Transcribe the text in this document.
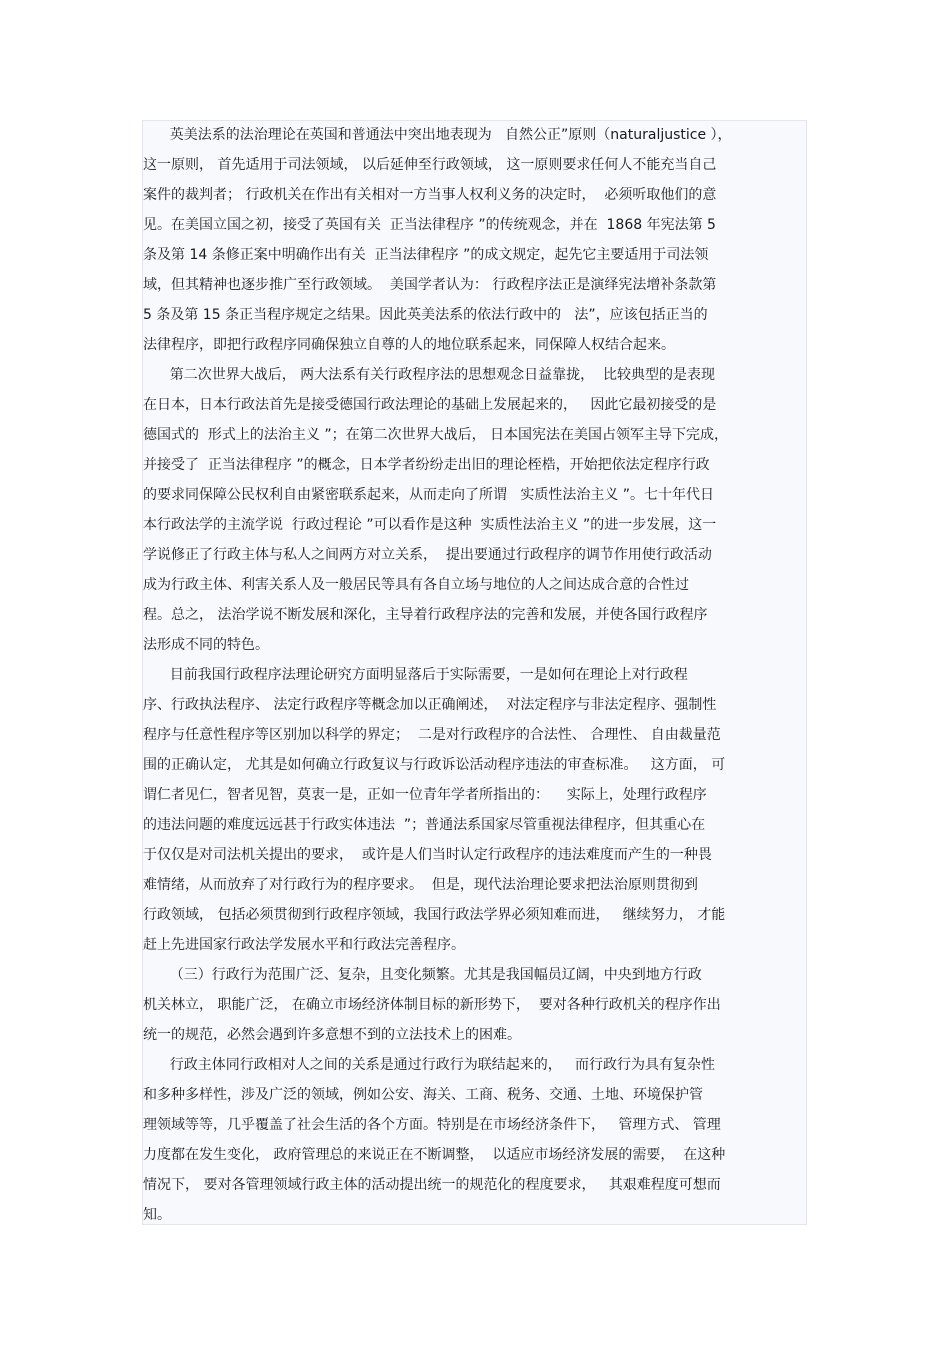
英美法系的法治理论在英国和普通法中突出地表现为   自然公正”原则（naturaljustice ），
这一原则， 首先适用于司法领域， 以后延伸至行政领域， 这一原则要求任何人不能充当自己
案件的裁判者； 行政机关在作出有关相对一方当事人权利义务的决定时，  必须听取他们的意
见。在美国立国之初，接受了英国有关  正当法律程序 ”的传统观念，并在  1868 年宪法第 5
条及第 14 条修正案中明确作出有关  正当法律程序 ”的成文规定，起先它主要适用于司法领
域，但其精神也逐步推广至行政领域。  美国学者认为： 行政程序法正是演绎宪法增补条款第
5 条及第 15 条正当程序规定之结果。因此英美法系的依法行政中的   法”，应该包括正当的
法律程序，即把行政程序同确保独立自尊的人的地位联系起来，同保障人权结合起来。
第二次世界大战后， 两大法系有关行政程序法的思想观念日益靠拢，  比较典型的是表现
在日本，日本行政法首先是接受德国行政法理论的基础上发展起来的，   因此它最初接受的是
德国式的  形式上的法治主义 ”；在第二次世界大战后， 日本国宪法在美国占领军主导下完成，
并接受了  正当法律程序 ”的概念，日本学者纷纷走出旧的理论桎梏，开始把依法定程序行政
的要求同保障公民权利自由紧密联系起来，从而走向了所谓   实质性法治主义 ”。七十年代日
本行政法学的主流学说  行政过程论 ”可以看作是这种  实质性法治主义 ”的进一步发展，这一
学说修正了行政主体与私人之间两方对立关系，  提出要通过行政程序的调节作用使行政活动
成为行政主体、利害关系人及一般居民等具有各自立场与地位的人之间达成合意的合性过
程。总之， 法治学说不断发展和深化，主导着行政程序法的完善和发展，并使各国行政程序
法形成不同的特色。
目前我国行政程序法理论研究方面明显落后于实际需要，一是如何在理论上对行政程
序、行政执法程序、 法定行政程序等概念加以正确阐述，  对法定程序与非法定程序、强制性
程序与任意性程序等区别加以科学的界定；  二是对行政程序的合法性、 合理性、 自由裁量范
围的正确认定， 尤其是如何确立行政复议与行政诉讼活动程序违法的审查标准。   这方面， 可
谓仁者见仁，智者见智，莫衷一是，正如一位青年学者所指出的：    实际上，处理行政程序
的违法问题的难度远远甚于行政实体违法  ”；普通法系国家尽管重视法律程序，但其重心在
于仅仅是对司法机关提出的要求，  或许是人们当时认定行政程序的违法难度而产生的一种畏
难情绪，从而放弃了对行政行为的程序要求。  但是，现代法治理论要求把法治原则贯彻到
行政领域， 包括必须贯彻到行政程序领域，我国行政法学界必须知难而进，   继续努力， 才能
赶上先进国家行政法学发展水平和行政法完善程序。
（三）行政行为范围广泛、复杂，且变化频繁。尤其是我国幅员辽阔，中央到地方行政
机关林立， 职能广泛， 在确立市场经济体制目标的新形势下，  要对各种行政机关的程序作出
统一的规范，必然会遇到许多意想不到的立法技术上的困难。
行政主体同行政相对人之间的关系是通过行政行为联结起来的，   而行政行为具有复杂性
和多种多样性，涉及广泛的领域，例如公安、海关、工商、税务、交通、土地、环境保护管
理领域等等，几乎覆盖了社会生活的各个方面。特别是在市场经济条件下，   管理方式、 管理
力度都在发生变化， 政府管理总的来说正在不断调整，  以适应市场经济发展的需要，  在这种
情况下， 要对各管理领域行政主体的活动提出统一的规范化的程度要求，   其艰难程度可想而
知。
